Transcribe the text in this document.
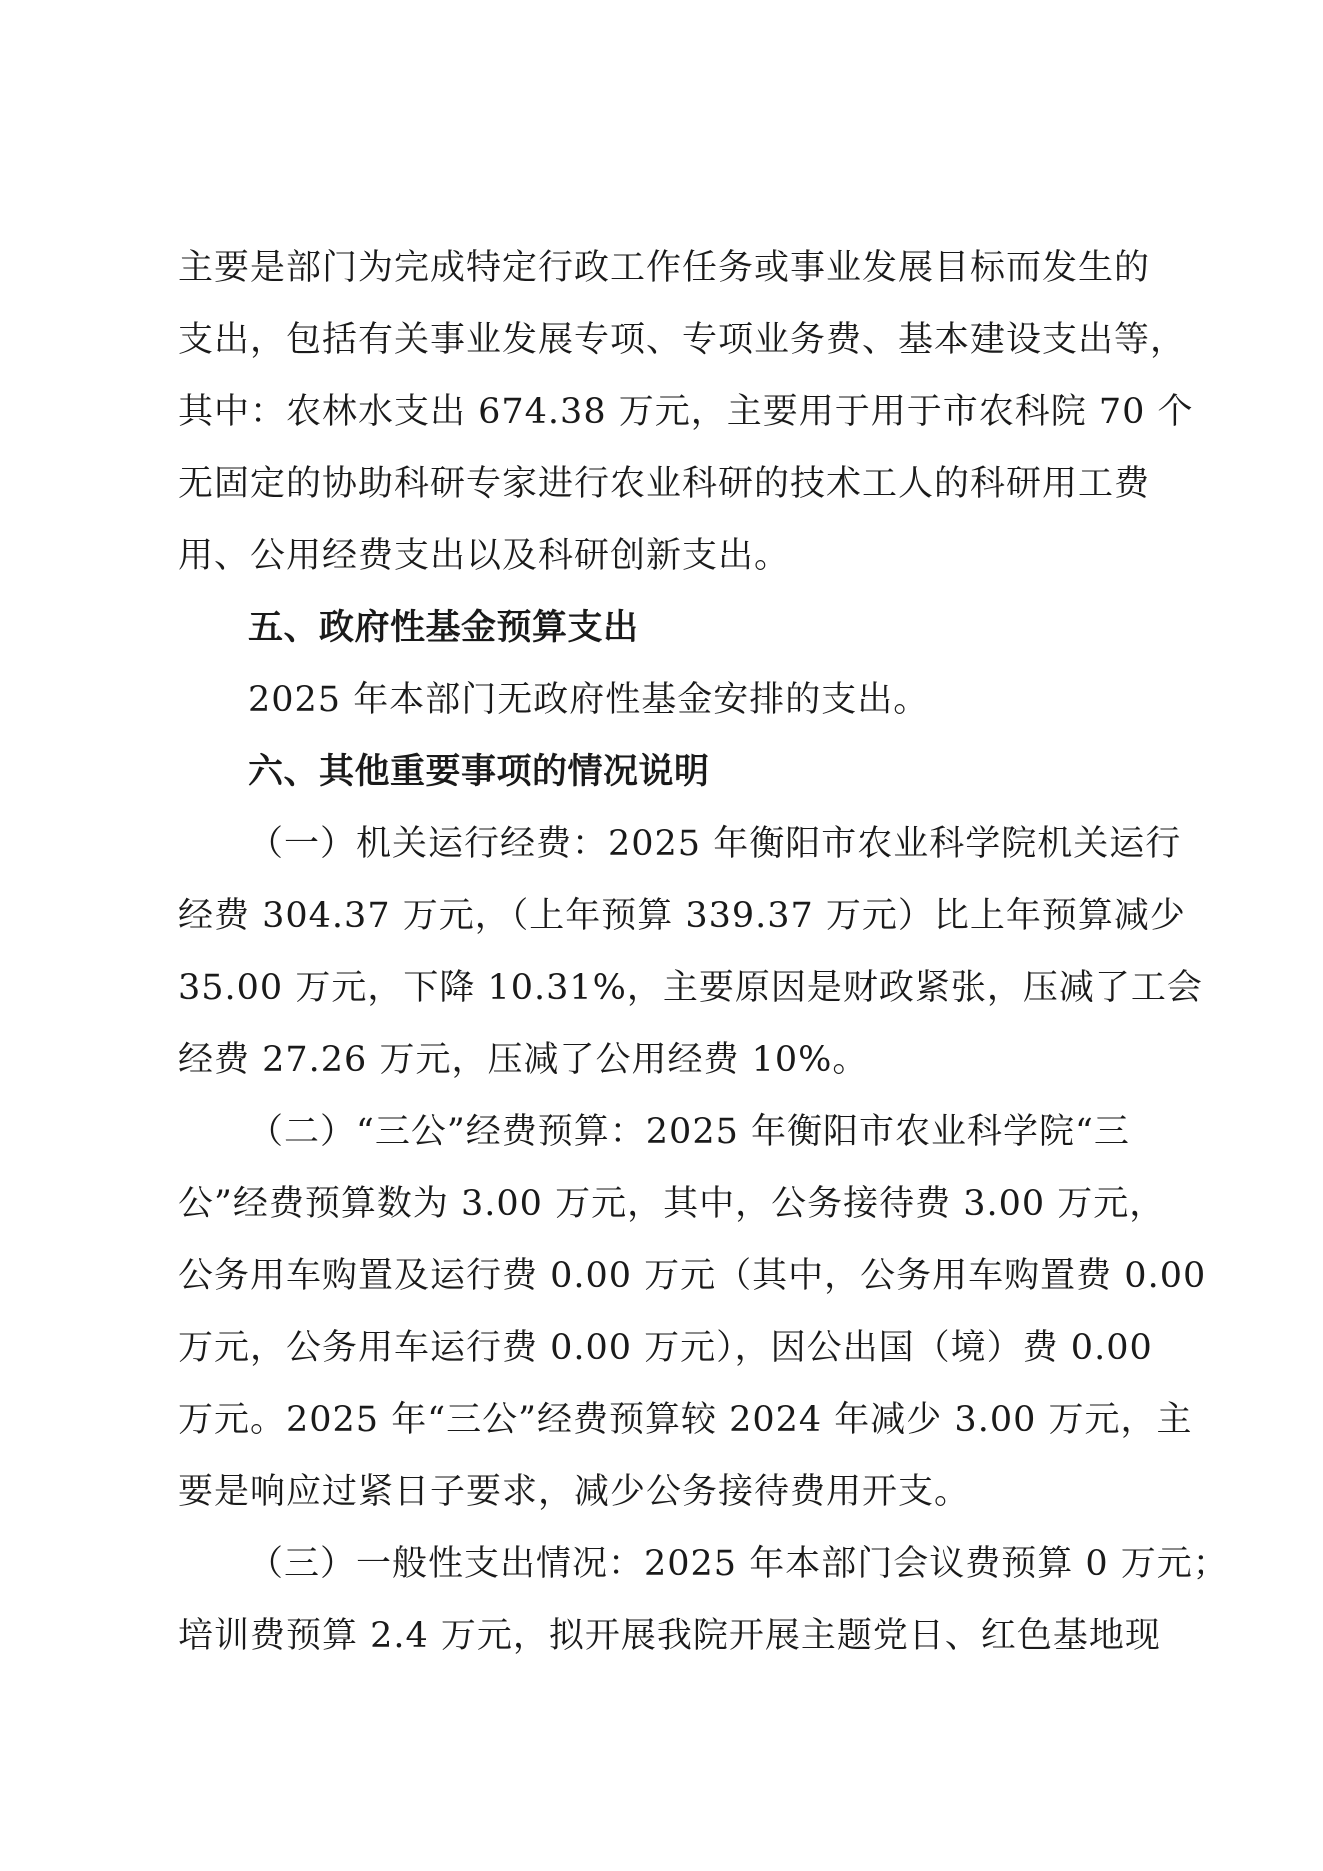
主要是部门为完成特定行政工作任务或事业发展目标而发生的
支出，包括有关事业发展专项、专项业务费、基本建设支出等，
其中：农林水支出 674.38 万元，主要用于用于市农科院 70 个
无固定的协助科研专家进行农业科研的技术工人的科研用工费
用、公用经费支出以及科研创新支出。
五、政府性基金预算支出
2025 年本部门无政府性基金安排的支出。
六、其他重要事项的情况说明
（一）机关运行经费：2025 年衡阳市农业科学院机关运行
经费 304.37 万元，（上年预算 339.37 万元）比上年预算减少
35.00 万元，下降 10.31%，主要原因是财政紧张，压减了工会
经费 27.26 万元，压减了公用经费 10%。
（二）“三公”经费预算：2025 年衡阳市农业科学院“三
公”经费预算数为 3.00 万元，其中，公务接待费 3.00 万元，
公务用车购置及运行费 0.00 万元（其中，公务用车购置费 0.00
万元，公务用车运行费 0.00 万元），因公出国（境）费 0.00
万元。2025 年“三公”经费预算较 2024 年减少 3.00 万元，主
要是响应过紧日子要求，减少公务接待费用开支。
（三）一般性支出情况：2025 年本部门会议费预算 0 万元；
培训费预算 2.4 万元，拟开展我院开展主题党日、红色基地现
